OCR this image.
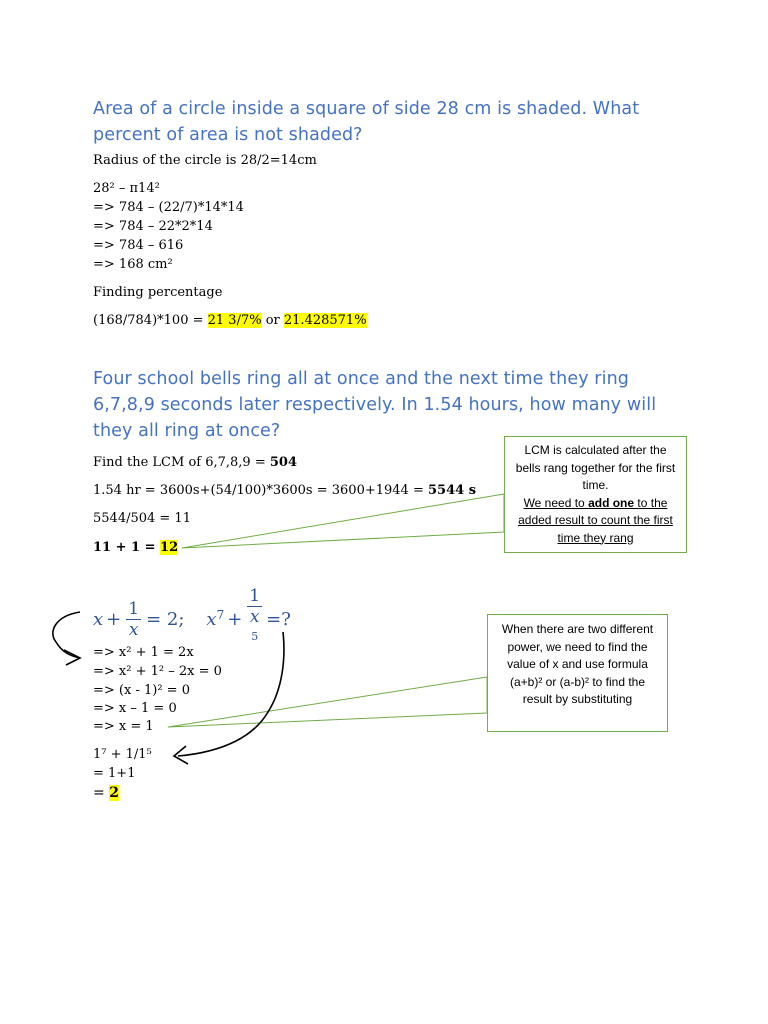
Area of a circle inside a square of side 28 cm is shaded. What percent of area is not shaded?
Radius of the circle is 28/2=14cm
28² – π14²
=> 784 – (22/7)*14*14
=> 784 – 22*2*14
=> 784 – 616
=> 168 cm²
Finding percentage
(168/784)*100 = 21 3/7% or 21.428571%
Four school bells ring all at once and the next time they ring 6,7,8,9 seconds later respectively. In 1.54 hours, how many will they all ring at once?
Find the LCM of 6,7,8,9 = 504
1.54 hr = 3600s+(54/100)*3600s = 3600+1944 = 5544 s
5544/504 = 11
11 + 1 = 12
LCM is calculated after the bells rang together for the first time.
We need to add one to the added result to count the first time they rang
$x + \frac{1}{x} = 2$; $x^7 + 1$
x
$^5$ =?
=> x² + 1 = 2x
=> x² + 1² – 2x = 0
=> (x - 1)² = 0
=> x – 1 = 0
=> x = 1
1⁷ + 1/1⁵
= 1+1
= 2
When there are two different power, we need to find the value of x and use formula (a+b)² or (a-b)² to find the result by substituting
